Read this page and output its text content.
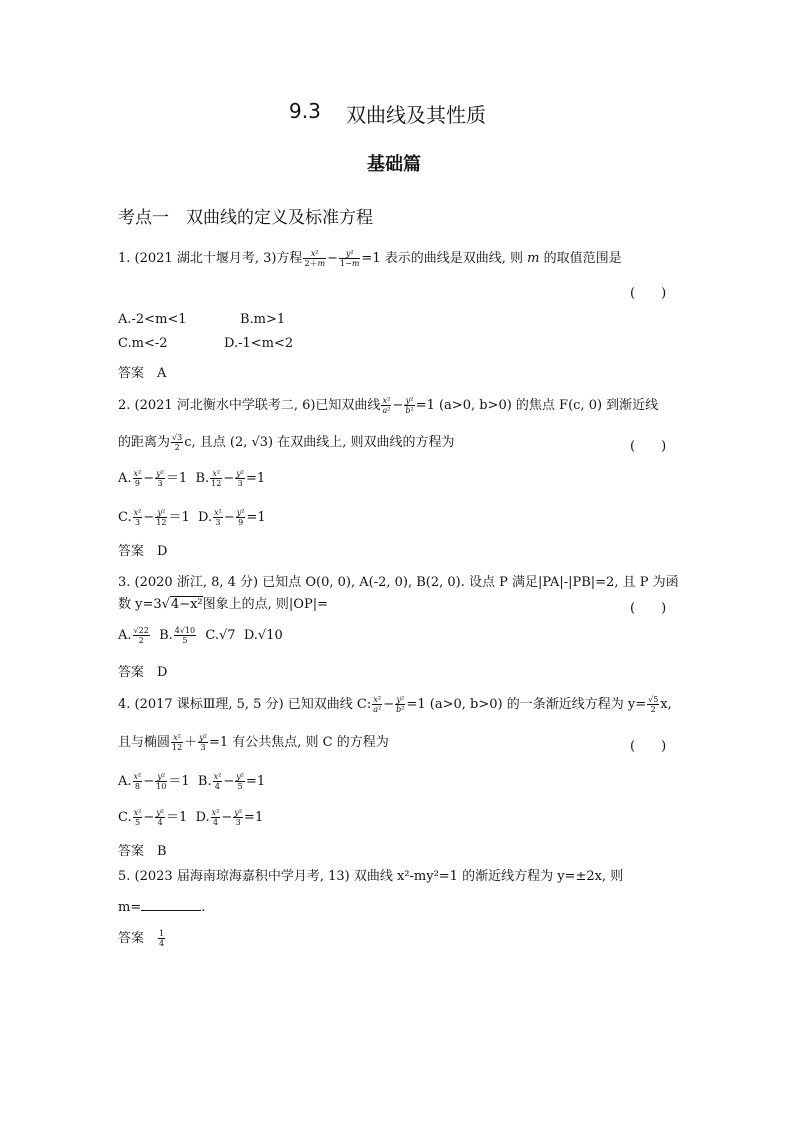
9.3 双曲线及其性质
基础篇
考点一　双曲线的定义及标准方程
1. (2021 湖北十堰月考, 3)方程 $\frac{\text{x²}}{2+m} - \frac{\text{y²}}{1-m} =1$ 表示的曲线是双曲线, 则 m 的取值范围是
(　　)
A.-2<m<1	B.m>1
C.m<-2	D.-1<m<2
答案　 A
2. (2021 河北衡水中学联考二, 6)已知双曲线 $\frac{\text{x²}}{\text{a²}} - \frac{\text{y²}}{\text{b²}} =1$ (a>0, b>0) 的焦点 F(c, 0) 到渐近线
的距离为 $\frac{√3}{2} c$, 且点 (2, √3) 在双曲线上, 则双曲线的方程为	(　　)
A. $\frac{\text{x²}}{9} - \frac{\text{y²}}{3} =1$  B. $\frac{\text{x²}}{12} - \frac{\text{y²}}{3} =1$
C. $\frac{\text{x²}}{3} - \frac{\text{y²}}{12} =1$  D. $\frac{\text{x²}}{3} - \frac{\text{y²}}{9} =1$
答案　 D
3. (2020 浙江, 8, 4 分) 已知点 O(0, 0), A(-2, 0), B(2, 0). 设点 P 满足|PA|-|PB|=2, 且 P 为函
数 y=3√4−x²图象上的点, 则|OP|=	(　　)
A. $\frac{√22}{2} B$. $\frac{4√10}{5} C.√7$ D.√10
答案　 D
4. (2017 课标Ⅲ理, 5, 5 分) 已知双曲线 C: $\frac{\text{x²}}{\text{a²}} - \frac{\text{y²}}{\text{b²}} =1$ (a>0, b>0) 的一条渐近线方程为 $y= \frac{√5}{2} x$,
且与椭圆 $\frac{\text{x²}}{12} + \frac{\text{y²}}{3} =1$ 有公共焦点, 则 C 的方程为	(　　)
A. $\frac{\text{x²}}{8} - \frac{\text{y²}}{10} =1$  B. $\frac{\text{x²}}{4} - \frac{\text{y²}}{5} =1$
C. $\frac{\text{x²}}{5} - \frac{\text{y²}}{4} =1$  D. $\frac{\text{x²}}{4} - \frac{\text{y²}}{3} =1$
答案　 B
5. (2023 届海南琼海嘉积中学月考, 13) 双曲线 x²-my²=1 的渐近线方程为 y=±2x, 则
m=	.
答案　 $\frac{1}{4}$
